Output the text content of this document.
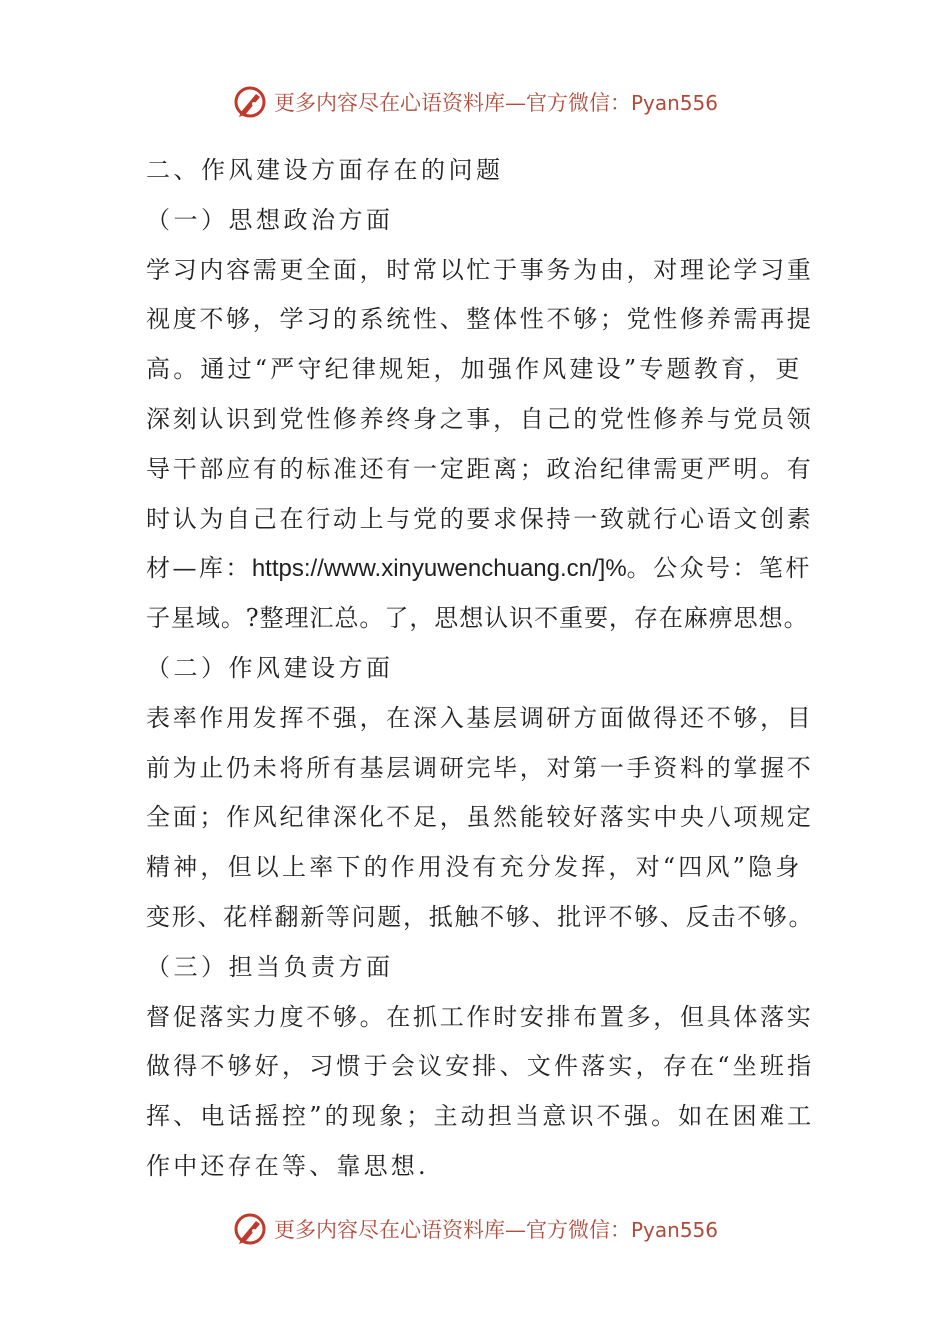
更多内容尽在心语资料库—官方微信：Pyan556
二、作风建设方面存在的问题
（一）思想政治方面
学习内容需更全面，时常以忙于事务为由，对理论学习重
视度不够，学习的系统性、整体性不够；党性修养需再提
高。通过“严守纪律规矩，加强作风建设”专题教育，更
深刻认识到党性修养终身之事，自己的党性修养与党员领
导干部应有的标准还有一定距离；政治纪律需更严明。有
时认为自己在行动上与党的要求保持一致就行心语文创素
材—库：https://www.xinyuwenchuang.cn/]%。公众号：笔杆
子星域。?整理汇总。了，思想认识不重要，存在麻痹思想。
（二）作风建设方面
表率作用发挥不强，在深入基层调研方面做得还不够，目
前为止仍未将所有基层调研完毕，对第一手资料的掌握不
全面；作风纪律深化不足，虽然能较好落实中央八项规定
精神，但以上率下的作用没有充分发挥，对“四风”隐身
变形、花样翻新等问题，抵触不够、批评不够、反击不够。
（三）担当负责方面
督促落实力度不够。在抓工作时安排布置多，但具体落实
做得不够好，习惯于会议安排、文件落实，存在“坐班指
挥、电话摇控”的现象；主动担当意识不强。如在困难工
作中还存在等、靠思想.
更多内容尽在心语资料库—官方微信：Pyan556
